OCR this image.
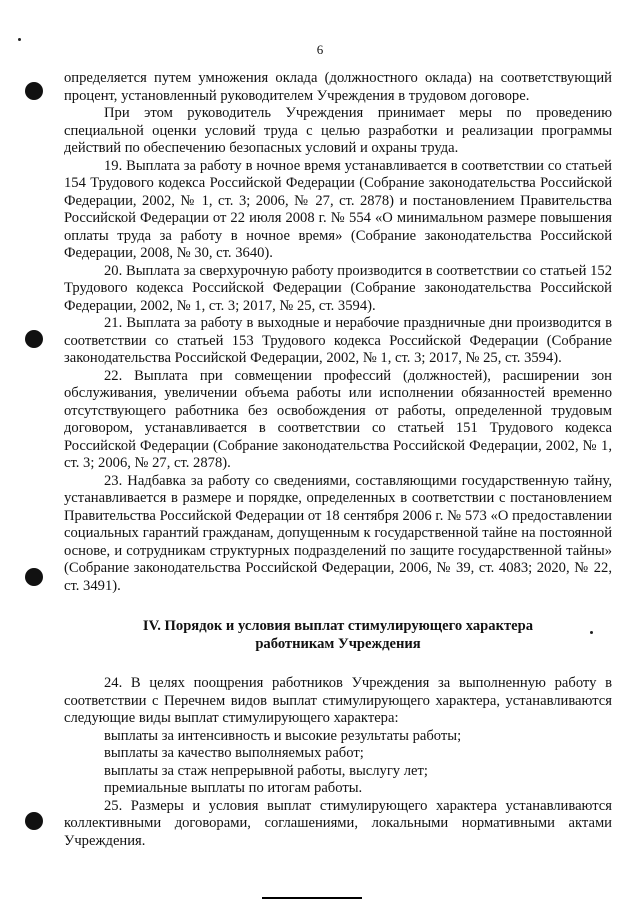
6

определяется путем умножения оклада (должностного оклада) на соответствующий процент, установленный руководителем Учреждения в трудовом договоре.

При этом руководитель Учреждения принимает меры по проведению специальной оценки условий труда с целью разработки и реализации программы действий по обеспечению безопасных условий и охраны труда.

19. Выплата за работу в ночное время устанавливается в соответствии со статьей 154 Трудового кодекса Российской Федерации (Собрание законодательства Российской Федерации, 2002, № 1, ст. 3; 2006, № 27, ст. 2878) и постановлением Правительства Российской Федерации от 22 июля 2008 г. № 554 «О минимальном размере повышения оплаты труда за работу в ночное время» (Собрание законодательства Российской Федерации, 2008, № 30, ст. 3640).

20. Выплата за сверхурочную работу производится в соответствии со статьей 152 Трудового кодекса Российской Федерации (Собрание законодательства Российской Федерации, 2002, № 1, ст. 3; 2017, № 25, ст. 3594).

21. Выплата за работу в выходные и нерабочие праздничные дни производится в соответствии со статьей 153 Трудового кодекса Российской Федерации (Собрание законодательства Российской Федерации, 2002, № 1, ст. 3; 2017, № 25, ст. 3594).

22. Выплата при совмещении профессий (должностей), расширении зон обслуживания, увеличении объема работы или исполнении обязанностей временно отсутствующего работника без освобождения от работы, определенной трудовым договором, устанавливается в соответствии со статьей 151 Трудового кодекса Российской Федерации (Собрание законодательства Российской Федерации, 2002, № 1, ст. 3; 2006, № 27, ст. 2878).

23. Надбавка за работу со сведениями, составляющими государственную тайну, устанавливается в размере и порядке, определенных в соответствии с постановлением Правительства Российской Федерации от 18 сентября 2006 г. № 573 «О предоставлении социальных гарантий гражданам, допущенным к государственной тайне на постоянной основе, и сотрудникам структурных подразделений по защите государственной тайны» (Собрание законодательства Российской Федерации, 2006, № 39, ст. 4083; 2020, № 22, ст. 3491).

IV. Порядок и условия выплат стимулирующего характера
работникам Учреждения

24. В целях поощрения работников Учреждения за выполненную работу в соответствии с Перечнем видов выплат стимулирующего характера, устанавливаются следующие виды выплат стимулирующего характера:

выплаты за интенсивность и высокие результаты работы;

выплаты за качество выполняемых работ;

выплаты за стаж непрерывной работы, выслугу лет;

премиальные выплаты по итогам работы.

25. Размеры и условия выплат стимулирующего характера устанавливаются коллективными договорами, соглашениями, локальными нормативными актами Учреждения.
